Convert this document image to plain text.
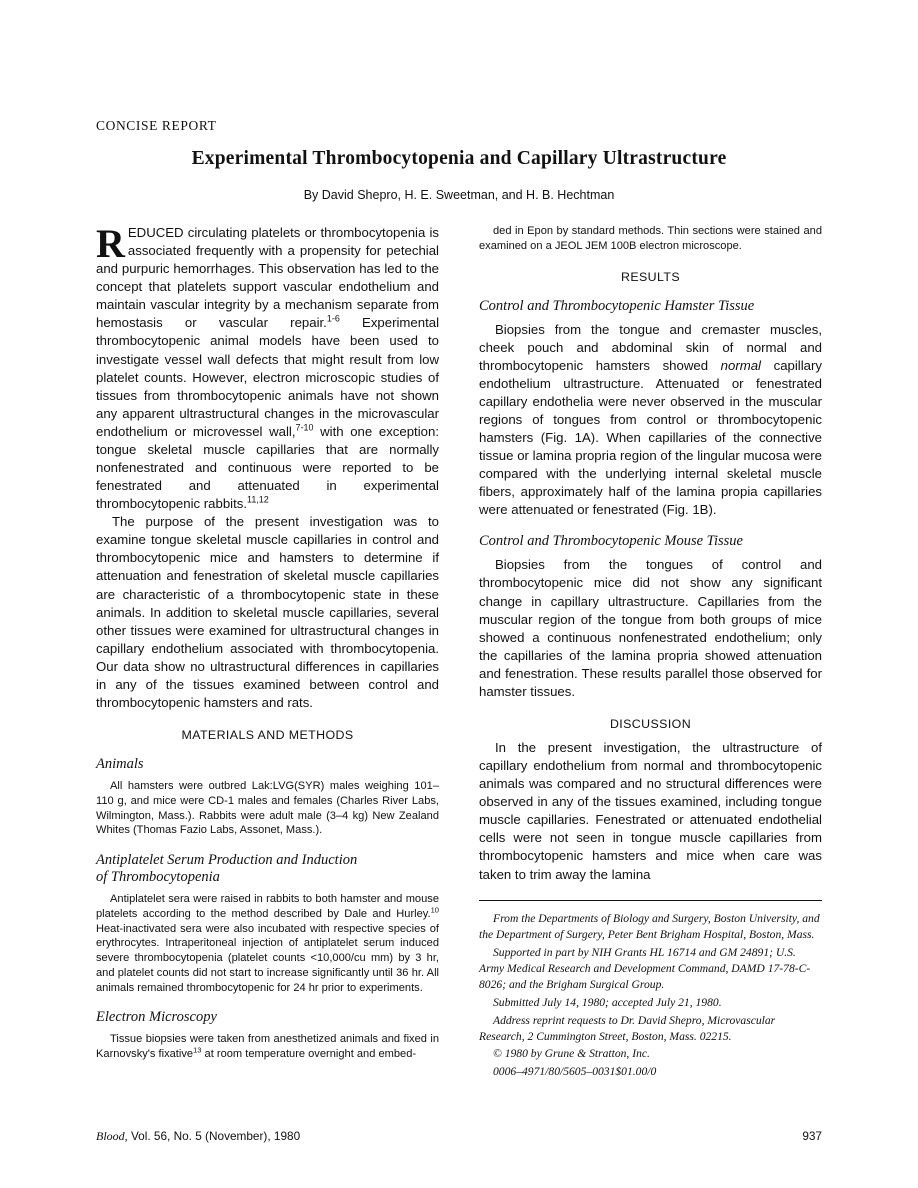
CONCISE REPORT
Experimental Thrombocytopenia and Capillary Ultrastructure
By David Shepro, H. E. Sweetman, and H. B. Hechtman
R EDUCED circulating platelets or thrombocytopenia is associated frequently with a propensity for petechial and purpuric hemorrhages. This observation has led to the concept that platelets support vascular endothelium and maintain vascular integrity by a mechanism separate from hemostasis or vascular repair.$^{1-6}$ Experimental thrombocytopenic animal models have been used to investigate vessel wall defects that might result from low platelet counts. However, electron microscopic studies of tissues from thrombocytopenic animals have not shown any apparent ultrastructural changes in the microvascular endothelium or microvessel wall,$^{7-10}$ with one exception: tongue skeletal muscle capillaries that are normally nonfenestrated and continuous were reported to be fenestrated and attenuated in experimental thrombocytopenic rabbits.$^{11,12}$

The purpose of the present investigation was to examine tongue skeletal muscle capillaries in control and thrombocytopenic mice and hamsters to determine if attenuation and fenestration of skeletal muscle capillaries are characteristic of a thrombocytopenic state in these animals. In addition to skeletal muscle capillaries, several other tissues were examined for ultrastructural changes in capillary endothelium associated with thrombocytopenia. Our data show no ultrastructural differences in capillaries in any of the tissues examined between control and thrombocytopenic hamsters and rats.

MATERIALS AND METHODS
Animals

All hamsters were outbred Lak:LVG(SYR) males weighing 101–110 g, and mice were CD-1 males and females (Charles River Labs, Wilmington, Mass.). Rabbits were adult male (3–4 kg) New Zealand Whites (Thomas Fazio Labs, Assonet, Mass.).

Antiplatelet Serum Production and Induction
of Thrombocytopenia

Antiplatelet sera were raised in rabbits to both hamster and mouse platelets according to the method described by Dale and Hurley.$^{10}$ Heat-inactivated sera were also incubated with respective species of erythrocytes. Intraperitoneal injection of antiplatelet serum induced severe thrombocytopenia (platelet counts <10,000/cu mm) by 3 hr, and platelet counts did not start to increase significantly until 36 hr. All animals remained thrombocytopenic for 24 hr prior to experiments.

Electron Microscopy

Tissue biopsies were taken from anesthetized animals and fixed in Karnovsky's fixative$^{13}$ at room temperature overnight and embed-

ded in Epon by standard methods. Thin sections were stained and examined on a JEOL JEM 100B electron microscope.

RESULTS
Control and Thrombocytopenic Hamster Tissue

Biopsies from the tongue and cremaster muscles, cheek pouch and abdominal skin of normal and thrombocytopenic hamsters showed normal capillary endothelium ultrastructure. Attenuated or fenestrated capillary endothelia were never observed in the muscular regions of tongues from control or thrombocytopenic hamsters (Fig. 1A). When capillaries of the connective tissue or lamina propria region of the lingular mucosa were compared with the underlying internal skeletal muscle fibers, approximately half of the lamina propia capillaries were attenuated or fenestrated (Fig. 1B).

Control and Thrombocytopenic Mouse Tissue

Biopsies from the tongues of control and thrombocytopenic mice did not show any significant change in capillary ultrastructure. Capillaries from the muscular region of the tongue from both groups of mice showed a continuous nonfenestrated endothelium; only the capillaries of the lamina propria showed attenuation and fenestration. These results parallel those observed for hamster tissues.

DISCUSSION

In the present investigation, the ultrastructure of capillary endothelium from normal and thrombocytopenic animals was compared and no structural differences were observed in any of the tissues examined, including tongue muscle capillaries. Fenestrated or attenuated endothelial cells were not seen in tongue muscle capillaries from thrombocytopenic hamsters and mice when care was taken to trim away the lamina

From the Departments of Biology and Surgery, Boston University, and the Department of Surgery, Peter Bent Brigham Hospital, Boston, Mass.

Supported in part by NIH Grants HL 16714 and GM 24891; U.S. Army Medical Research and Development Command, DAMD 17-78-C-8026; and the Brigham Surgical Group.

Submitted July 14, 1980; accepted July 21, 1980.

Address reprint requests to Dr. David Shepro, Microvascular Research, 2 Cummington Street, Boston, Mass. 02215.

© 1980 by Grune & Stratton, Inc.

0006–4971/80/5605–0031$01.00/0

Blood, Vol. 56, No. 5 (November), 1980	937
